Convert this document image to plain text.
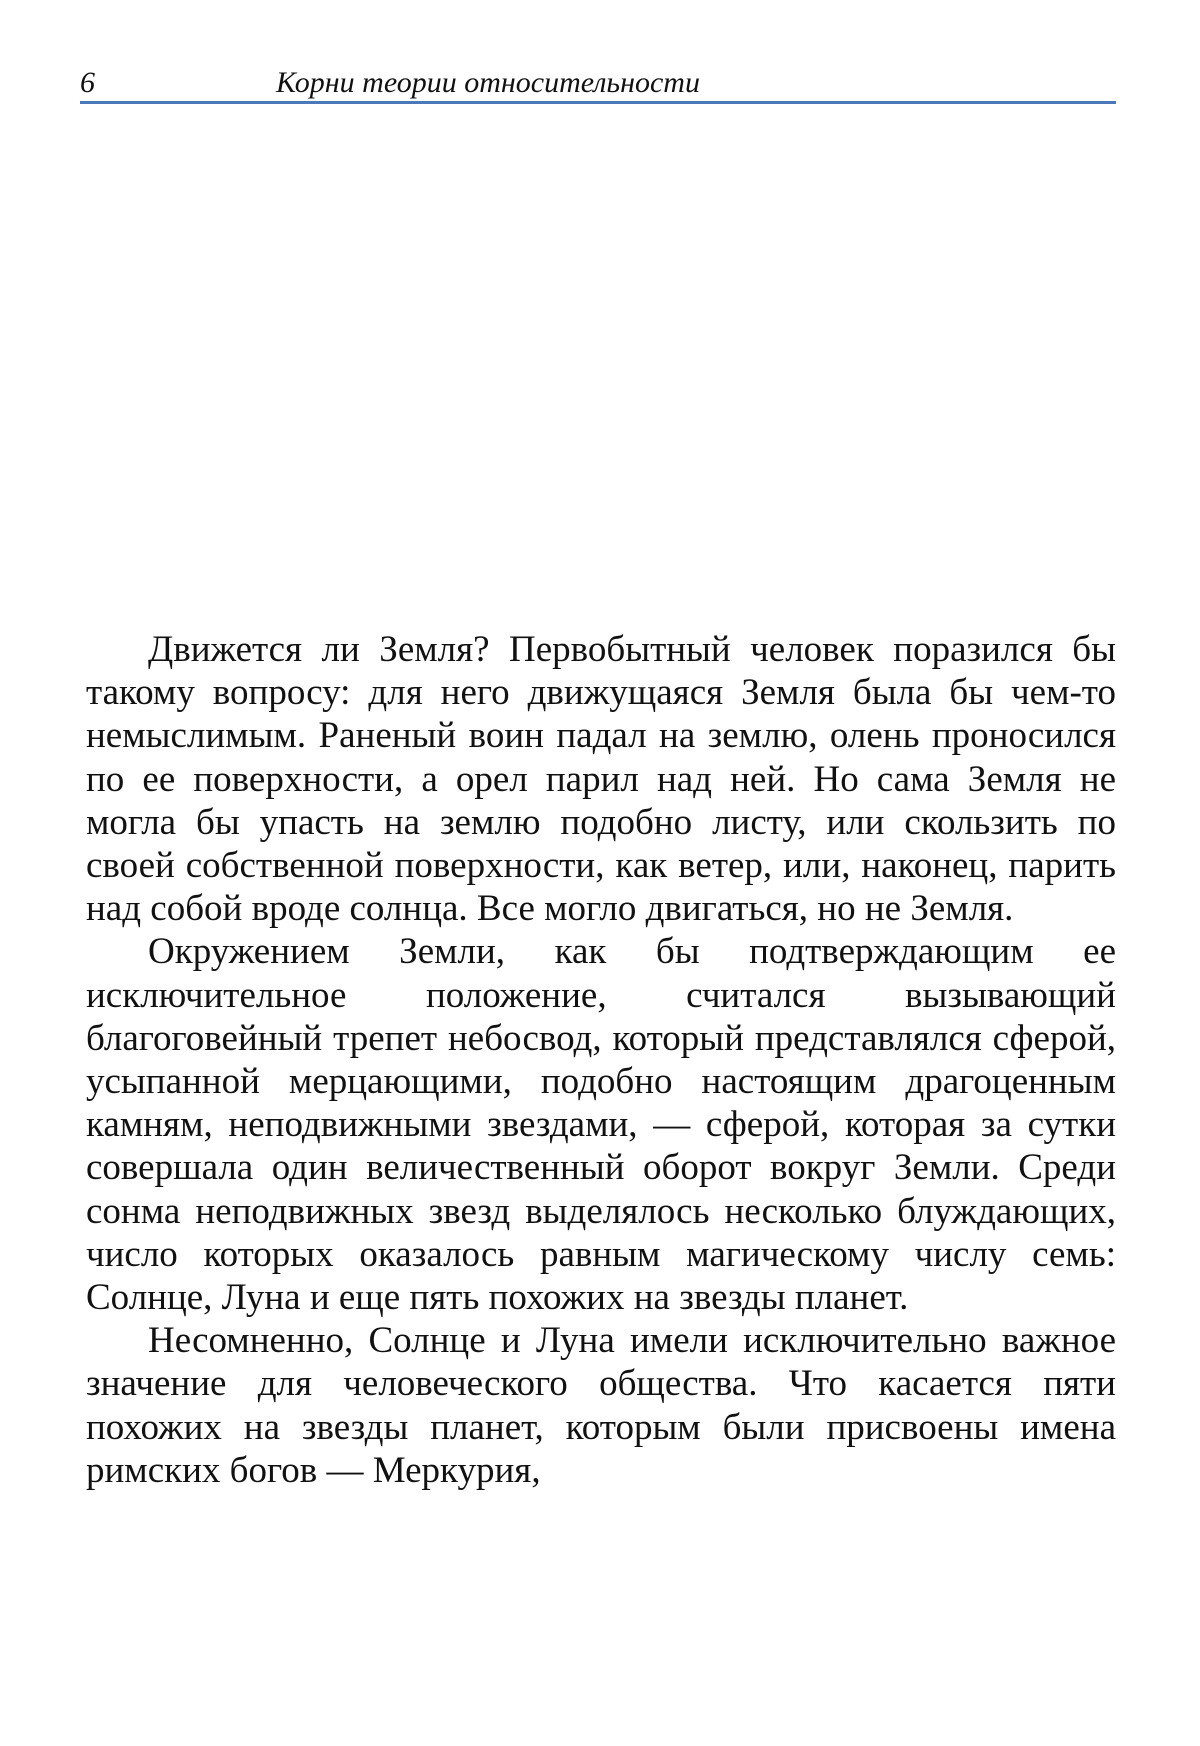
6	Корни теории относительности

Движется ли Земля? Первобытный человек поразился бы такому вопросу: для него движущаяся Земля была бы чем-то немыслимым. Раненый воин падал на землю, олень проносился по ее поверхности, а орел парил над ней. Но сама Земля не могла бы упасть на землю подобно листу, или скользить по своей собственной поверхности, как ветер, или, наконец, парить над собой вроде солнца. Все могло двигаться, но не Земля.

Окружением Земли, как бы подтверждающим ее исключительное положение, считался вызывающий благоговейный трепет небосвод, который представлялся сферой, усыпанной мерцающими, подобно настоящим драгоценным камням, неподвижными звездами, — сферой, которая за сутки совершала один величественный оборот вокруг Земли. Среди сонма неподвижных звезд выделялось несколько блуждающих, число которых оказалось равным магическому числу семь: Солнце, Луна и еще пять похожих на звезды планет.

Несомненно, Солнце и Луна имели исключительно важное значение для человеческого общества. Что касается пяти похожих на звезды планет, которым были присвоены имена римских богов — Меркурия,
